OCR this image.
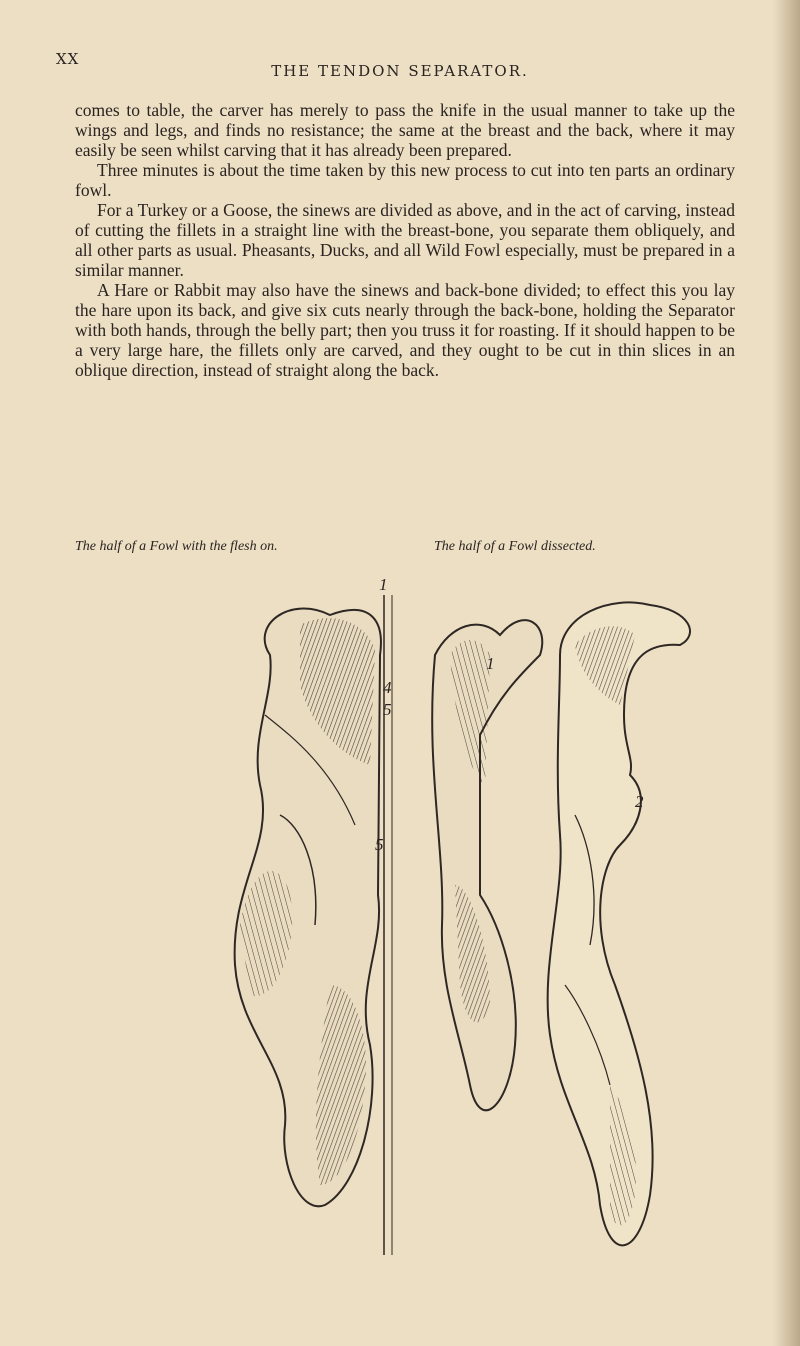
XX
THE TENDON SEPARATOR.

comes to table, the carver has merely to pass the knife in the usual manner to take up the wings and legs, and finds no resistance; the same at the breast and the back, where it may easily be seen whilst carving that it has already been prepared.

Three minutes is about the time taken by this new process to cut into ten parts an ordinary fowl.

For a Turkey or a Goose, the sinews are divided as above, and in the act of carving, instead of cutting the fillets in a straight line with the breast-bone, you separate them obliquely, and all other parts as usual. Pheasants, Ducks, and all Wild Fowl especially, must be prepared in a similar manner.

A Hare or Rabbit may also have the sinews and back-bone divided; to effect this you lay the hare upon its back, and give six cuts nearly through the back-bone, holding the Separator with both hands, through the belly part; then you truss it for roasting. If it should happen to be a very large hare, the fillets only are carved, and they ought to be cut in thin slices in an oblique direction, instead of straight along the back.

The half of a Fowl with the flesh on.	The half of a Fowl dissected.
1
4
5
5
1
2
